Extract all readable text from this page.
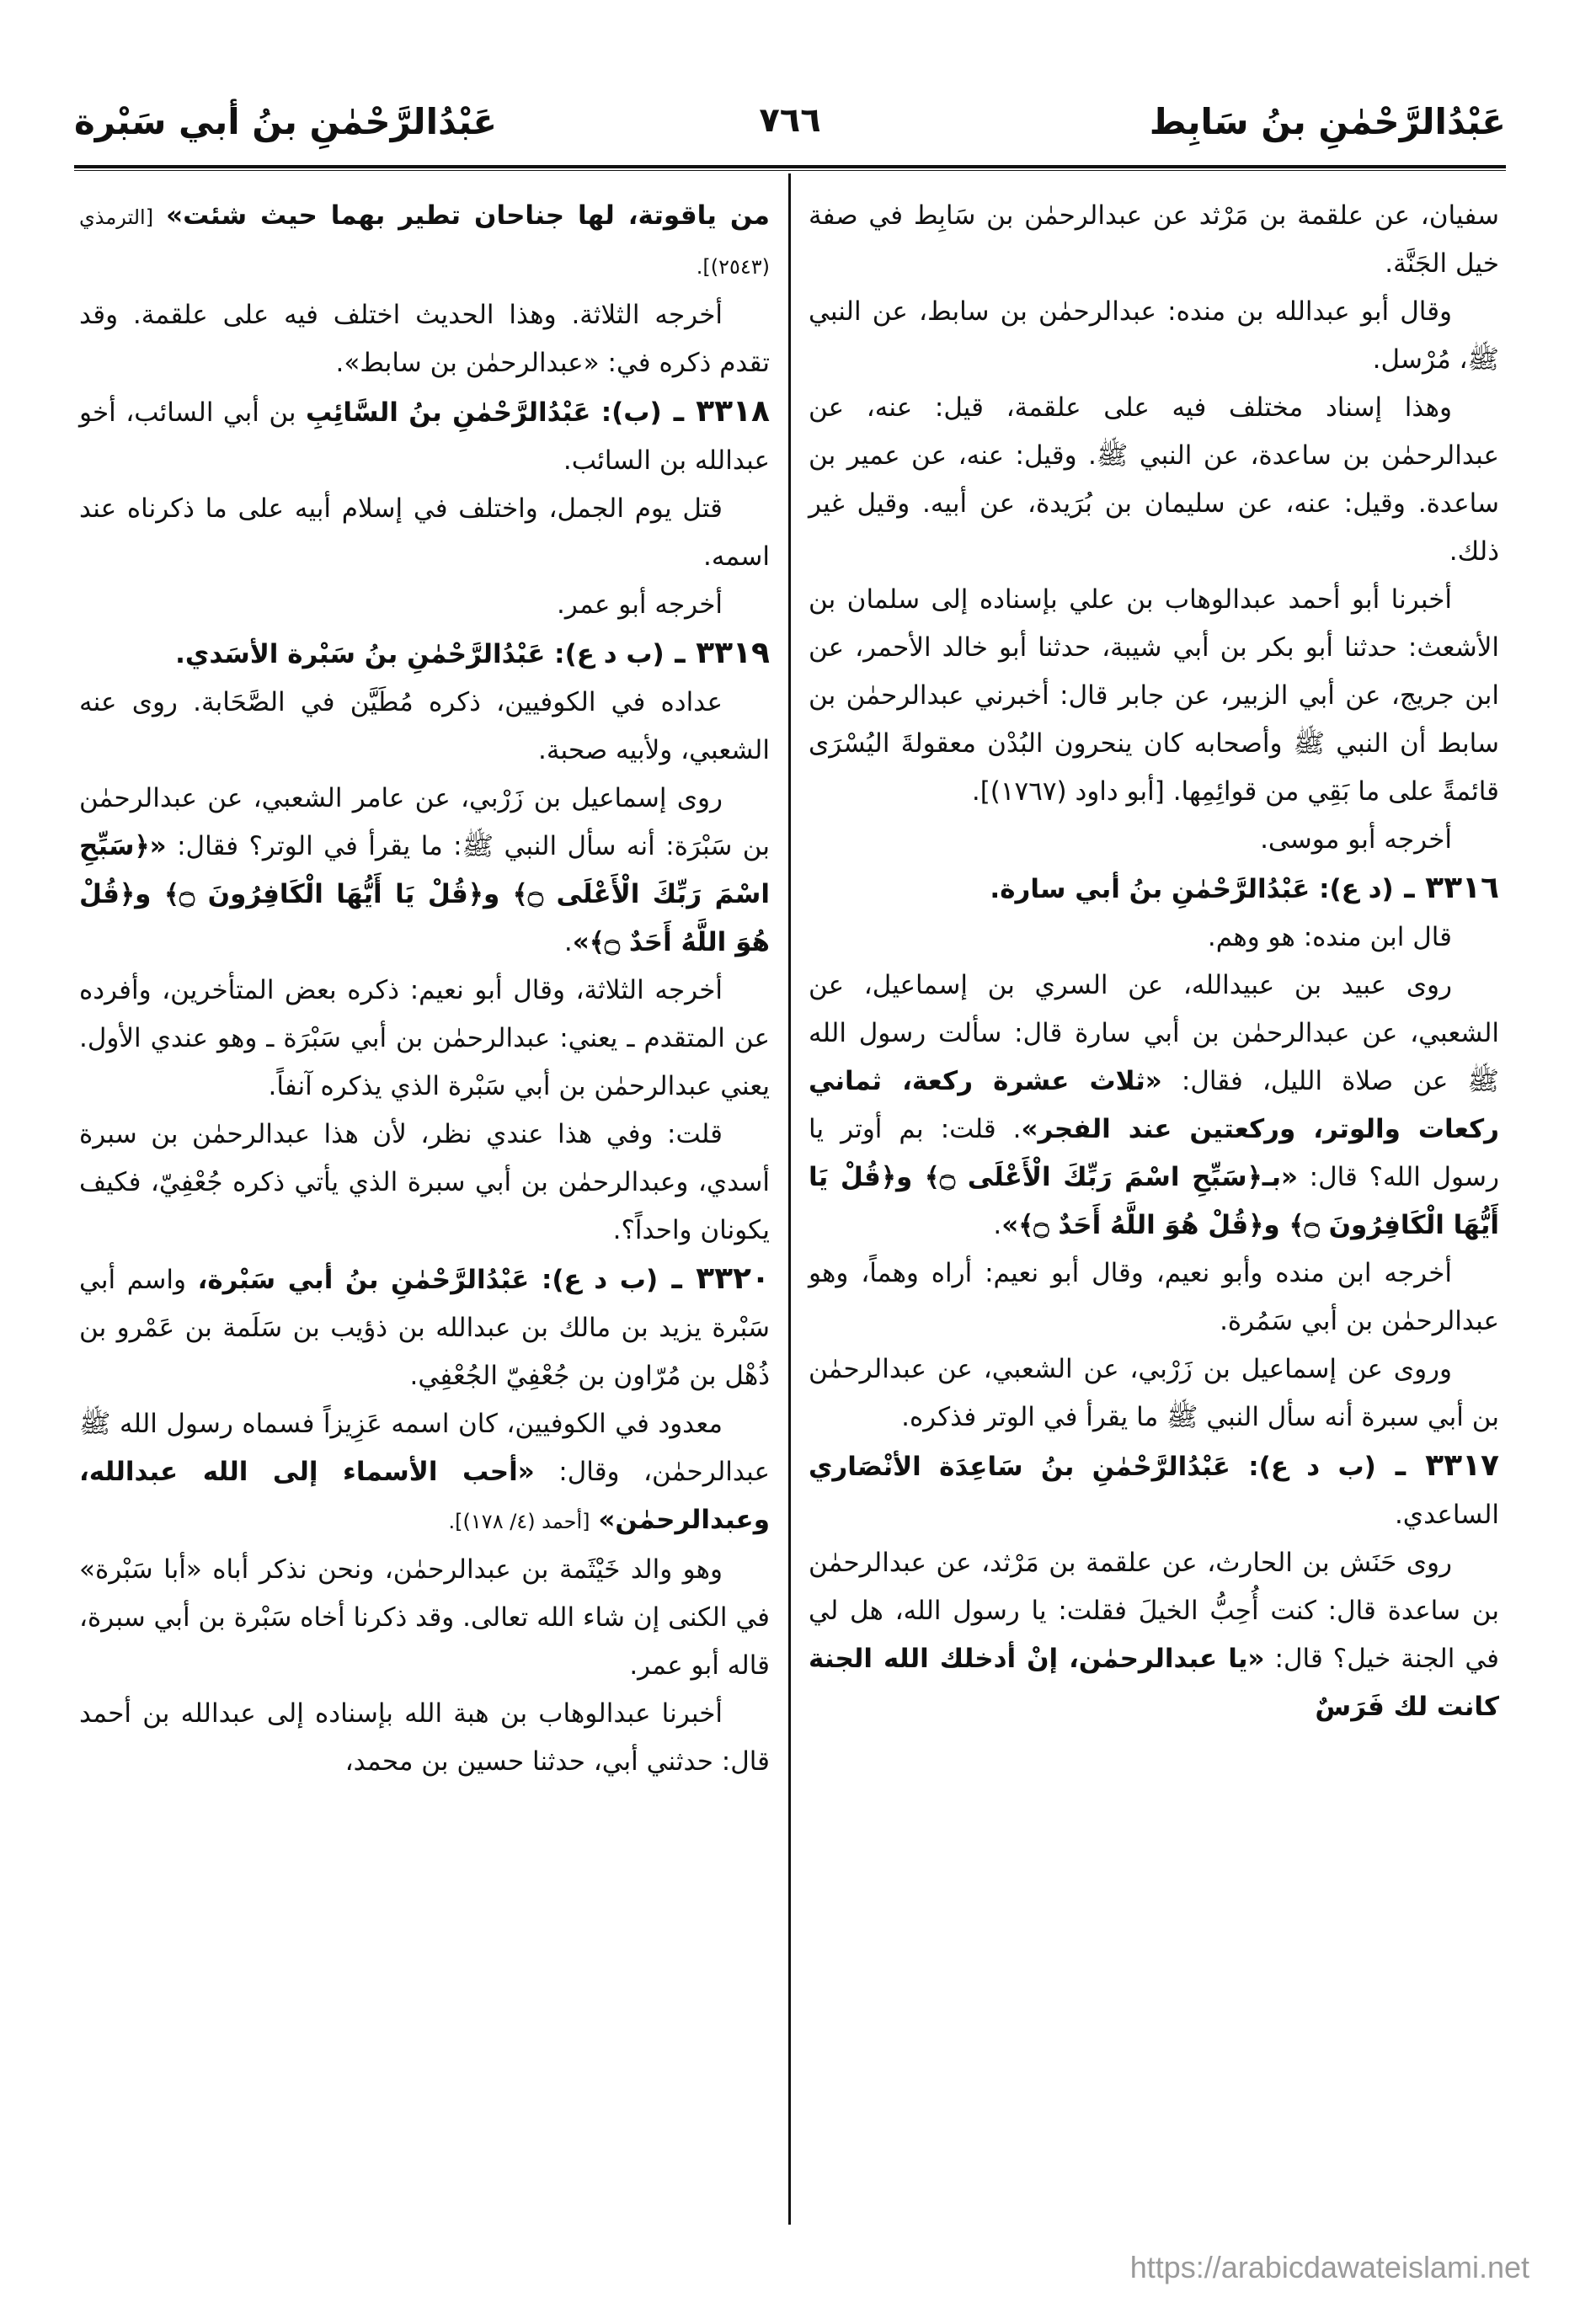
عَبْدُالرَّحْمٰنِ بنُ سَابِط
٧٦٦
عَبْدُالرَّحْمٰنِ بنُ أبي سَبْرة

سفيان، عن علقمة بن مَرْثد عن عبدالرحمٰن بن سَابِط في صفة خيل الجَنَّة.

وقال أبو عبدالله بن منده: عبدالرحمٰن بن سابط، عن النبي ﷺ، مُرْسل.

وهذا إسناد مختلف فيه على علقمة، قيل: عنه، عن عبدالرحمٰن بن ساعدة، عن النبي ﷺ. وقيل: عنه، عن عمير بن ساعدة. وقيل: عنه، عن سليمان بن بُرَيدة، عن أبيه. وقيل غير ذلك.

أخبرنا أبو أحمد عبدالوهاب بن علي بإسناده إلى سلمان بن الأشعث: حدثنا أبو بكر بن أبي شيبة، حدثنا أبو خالد الأحمر، عن ابن جريج، عن أبي الزبير، عن جابر قال: أخبرني عبدالرحمٰن بن سابط أن النبي ﷺ وأصحابه كان ينحرون البُدْن معقولةَ اليُسْرَى قائمةً على ما بَقِي من قوائِمِها. [أبو داود (١٧٦٧)].

أخرجه أبو موسى.

٣٣١٦ ـ (د ع): عَبْدُالرَّحْمٰنِ بنُ أبي سارة.

قال ابن منده: هو وهم.

روى عبيد بن عبيدالله، عن السري بن إسماعيل، عن الشعبي، عن عبدالرحمٰن بن أبي سارة قال: سألت رسول الله ﷺ عن صلاة الليل، فقال: «ثلاث عشرة ركعة، ثماني ركعات والوتر، وركعتين عند الفجر». قلت: بم أوتر يا رسول الله؟ قال: «بـ﴿سَبِّحِ اسْمَ رَبِّكَ الْأَعْلَى ۝﴾ و﴿قُلْ يَا أَيُّهَا الْكَافِرُونَ ۝﴾ و﴿قُلْ هُوَ اللَّهُ أَحَدٌ ۝﴾».

أخرجه ابن منده وأبو نعيم، وقال أبو نعيم: أراه وهماً، وهو عبدالرحمٰن بن أبي سَمُرة.

وروى عن إسماعيل بن زَرْبي، عن الشعبي، عن عبدالرحمٰن بن أبي سبرة أنه سأل النبي ﷺ ما يقرأ في الوتر فذكره.

٣٣١٧ ـ (ب د ع): عَبْدُالرَّحْمٰنِ بنُ سَاعِدَة الأنْصَاري الساعدي.

روى حَنَش بن الحارث، عن علقمة بن مَرْثد، عن عبدالرحمٰن بن ساعدة قال: كنت أُحِبُّ الخيلَ فقلت: يا رسول الله، هل لي في الجنة خيل؟ قال: «يا عبدالرحمٰن، إنْ أدخلك الله الجنة كانت لك فَرَسٌ

من ياقوتة، لها جناحان تطير بهما حيث شئت» [الترمذي (٢٥٤٣)].

أخرجه الثلاثة. وهذا الحديث اختلف فيه على علقمة. وقد تقدم ذكره في: «عبدالرحمٰن بن سابط».

٣٣١٨ ـ (ب): عَبْدُالرَّحْمٰنِ بنُ السَّائِبِ بن أبي السائب، أخو عبدالله بن السائب.

قتل يوم الجمل، واختلف في إسلام أبيه على ما ذكرناه عند اسمه.

أخرجه أبو عمر.

٣٣١٩ ـ (ب د ع): عَبْدُالرَّحْمٰنِ بنُ سَبْرة الأسَدي.

عداده في الكوفيين، ذكره مُطَيَّن في الصَّحَابة. روى عنه الشعبي، ولأبيه صحبة.

روى إسماعيل بن زَرْبي، عن عامر الشعبي، عن عبدالرحمٰن بن سَبْرَة: أنه سأل النبي ﷺ: ما يقرأ في الوتر؟ فقال: «﴿سَبِّحِ اسْمَ رَبِّكَ الْأَعْلَى ۝﴾ و﴿قُلْ يَا أَيُّهَا الْكَافِرُونَ ۝﴾ و﴿قُلْ هُوَ اللَّهُ أَحَدٌ ۝﴾».

أخرجه الثلاثة، وقال أبو نعيم: ذكره بعض المتأخرين، وأفرده عن المتقدم ـ يعني: عبدالرحمٰن بن أبي سَبْرَة ـ وهو عندي الأول. يعني عبدالرحمٰن بن أبي سَبْرة الذي يذكره آنفاً.

قلت: وفي هذا عندي نظر، لأن هذا عبدالرحمٰن بن سبرة أسدي، وعبدالرحمٰن بن أبي سبرة الذي يأتي ذكره جُعْفِيّ، فكيف يكونان واحداً؟.

٣٣٢٠ ـ (ب د ع): عَبْدُالرَّحْمٰنِ بنُ أبي سَبْرة، واسم أبي سَبْرة يزيد بن مالك بن عبدالله بن ذؤيب بن سَلَمة بن عَمْرو بن ذُهْل بن مُرّاون بن جُعْفِيّ الجُعْفِي.

معدود في الكوفيين، كان اسمه عَزِيزاً فسماه رسول الله ﷺ عبدالرحمٰن، وقال: «أحب الأسماء إلى الله عبدالله، وعبدالرحمٰن» [أحمد (٤/ ١٧٨)].

وهو والد خَيْثَمة بن عبدالرحمٰن، ونحن نذكر أباه «أبا سَبْرة» في الكنى إن شاء الله تعالى. وقد ذكرنا أخاه سَبْرة بن أبي سبرة، قاله أبو عمر.

أخبرنا عبدالوهاب بن هبة الله بإسناده إلى عبدالله بن أحمد قال: حدثني أبي، حدثنا حسين بن محمد،

https://arabicdawateislami.net
